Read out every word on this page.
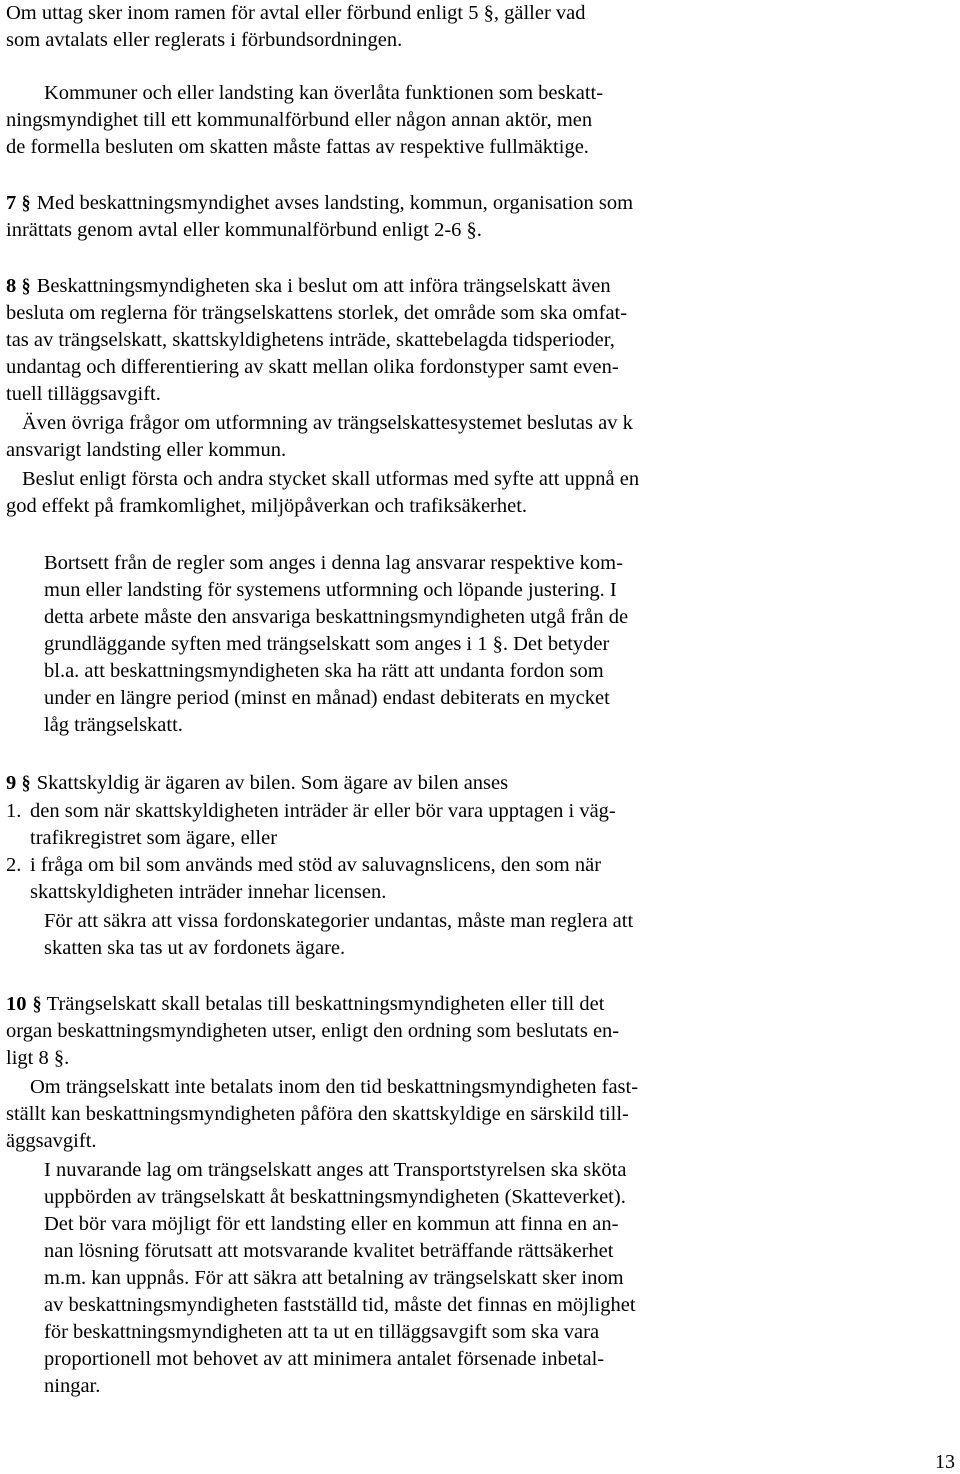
Om uttag sker inom ramen för avtal eller förbund enligt 5 §, gäller vad
som avtalats eller reglerats i förbundsordningen.
Kommuner och eller landsting kan överlåta funktionen som beskatt-
ningsmyndighet till ett kommunalförbund eller någon annan aktör, men
de formella besluten om skatten måste fattas av respektive fullmäktige.
7 § Med beskattningsmyndighet avses landsting, kommun, organisation som
inrättats genom avtal eller kommunalförbund enligt 2-6 §.
8 § Beskattningsmyndigheten ska i beslut om att införa trängselskatt även
besluta om reglerna för trängselskattens storlek, det område som ska omfat-
tas av trängselskatt, skattskyldighetens inträde, skattebelagda tidsperioder,
undantag och differentiering av skatt mellan olika fordonstyper samt even-
tuell tilläggsavgift.
Även övriga frågor om utformning av trängselskattesystemet beslutas av k
ansvarigt landsting eller kommun.
Beslut enligt första och andra stycket skall utformas med syfte att uppnå en
god effekt på framkomlighet, miljöpåverkan och trafiksäkerhet.
Bortsett från de regler som anges i denna lag ansvarar respektive kom-
mun eller landsting för systemens utformning och löpande justering. I
detta arbete måste den ansvariga beskattningsmyndigheten utgå från de
grundläggande syften med trängselskatt som anges i 1 §. Det betyder
bl.a. att beskattningsmyndigheten ska ha rätt att undanta fordon som
under en längre period (minst en månad) endast debiterats en mycket
låg trängselskatt.
9 § Skattskyldig är ägaren av bilen. Som ägare av bilen anses
1. den som när skattskyldigheten inträder är eller bör vara upptagen i väg-
trafikregistret som ägare, eller
2. i fråga om bil som används med stöd av saluvagnslicens, den som när
skattskyldigheten inträder innehar licensen.
För att säkra att vissa fordonskategorier undantas, måste man reglera att
skatten ska tas ut av fordonets ägare.
10 § Trängselskatt skall betalas till beskattningsmyndigheten eller till det
organ beskattningsmyndigheten utser, enligt den ordning som beslutats en-
ligt 8 §.
Om trängselskatt inte betalats inom den tid beskattningsmyndigheten fast-
ställt kan beskattningsmyndigheten påföra den skattskyldige en särskild till-
äggsavgift.
I nuvarande lag om trängselskatt anges att Transportstyrelsen ska sköta
uppbörden av trängselskatt åt beskattningsmyndigheten (Skatteverket).
Det bör vara möjligt för ett landsting eller en kommun att finna en an-
nan lösning förutsatt att motsvarande kvalitet beträffande rättsäkerhet
m.m. kan uppnås. För att säkra att betalning av trängselskatt sker inom
av beskattningsmyndigheten fastställd tid, måste det finnas en möjlighet
för beskattningsmyndigheten att ta ut en tilläggsavgift som ska vara
proportionell mot behovet av att minimera antalet försenade inbetal-
ningar.
13
